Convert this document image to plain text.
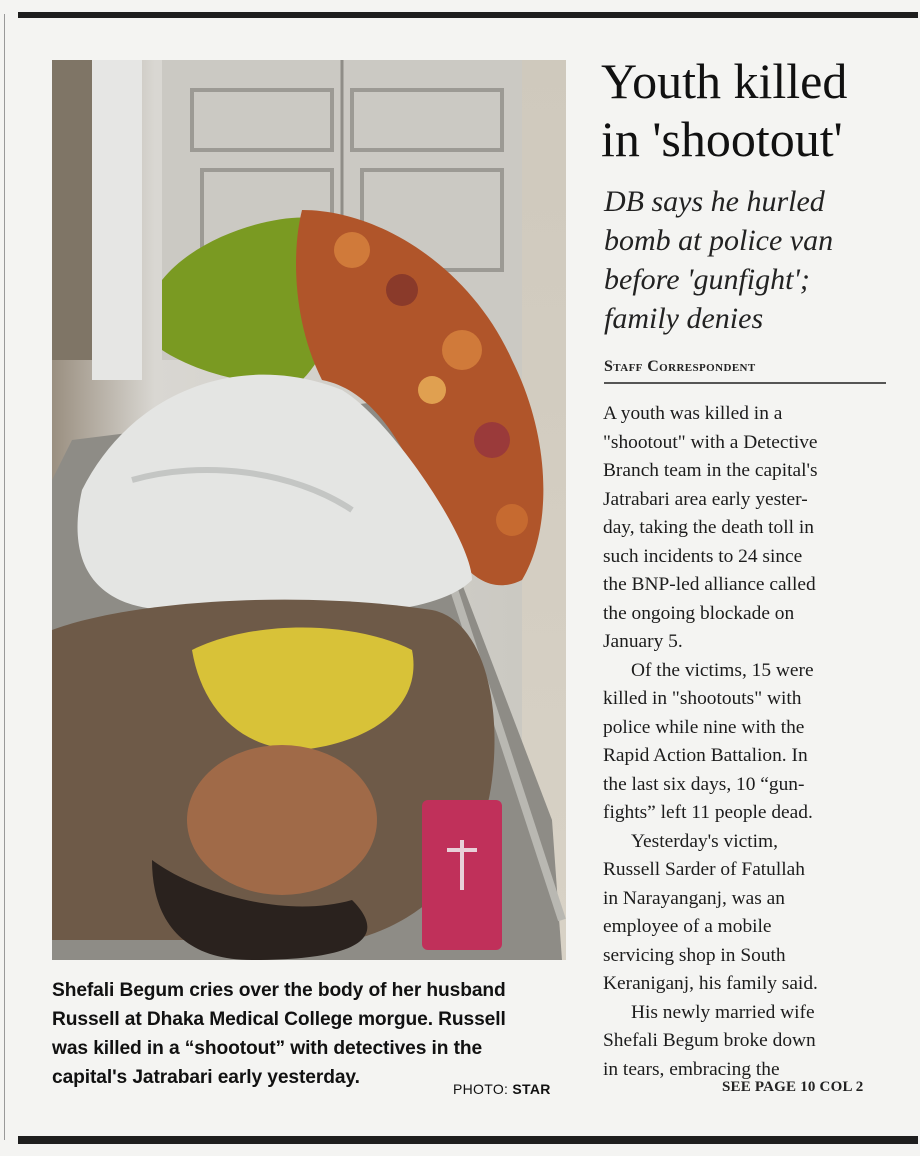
Shefali Begum cries over the body of her husband
Russell at Dhaka Medical College morgue. Russell
was killed in a “shootout” with detectives in the
capital's Jatrabari early yesterday.
PHOTO: STAR
Youth killed
in 'shootout'
DB says he hurled
bomb at police van
before 'gunfight';
family denies
Staff Correspondent
A youth was killed in a
"shootout" with a Detective
Branch team in the capital's
Jatrabari area early yester-
day, taking the death toll in
such incidents to 24 since
the BNP-led alliance called
the ongoing blockade on
January 5.
Of the victims, 15 were
killed in "shootouts" with
police while nine with the
Rapid Action Battalion. In
the last six days, 10 “gun-
fights” left 11 people dead.
Yesterday's victim,
Russell Sarder of Fatullah
in Narayanganj, was an
employee of a mobile
servicing shop in South
Keraniganj, his family said.
His newly married wife
Shefali Begum broke down
in tears, embracing the
SEE PAGE 10 COL 2
